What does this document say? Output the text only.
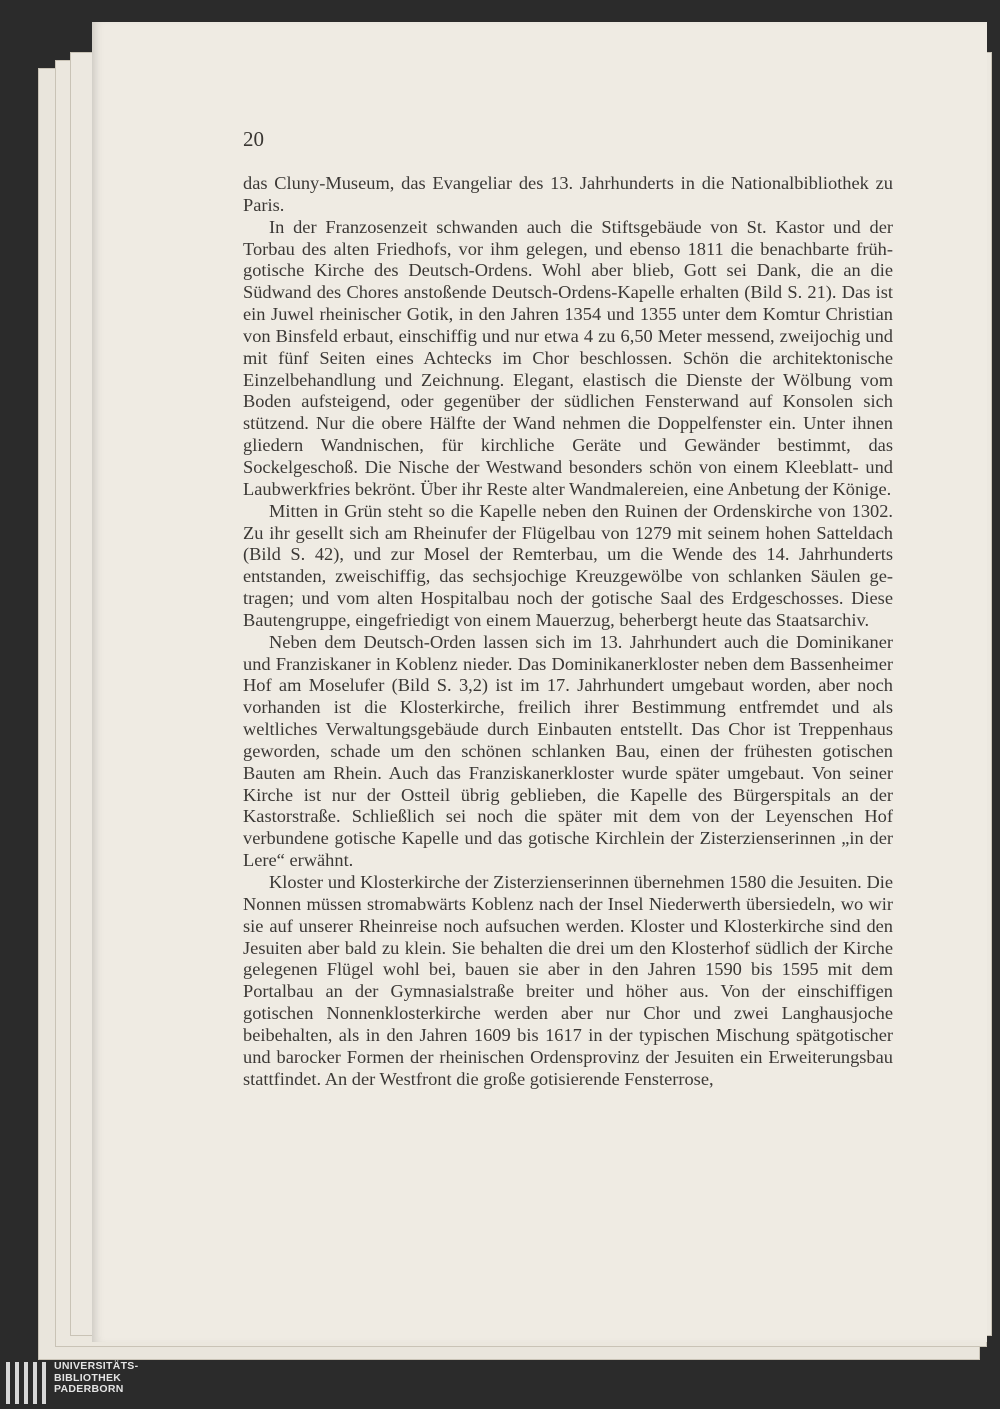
20

das Cluny-Museum, das Evangeliar des 13. Jahrhunderts in die Nationalbibliothek zu Paris.

In der Franzosenzeit schwanden auch die Stiftsgebäude von St. Kastor und der Torbau des alten Friedhofs, vor ihm gelegen, und ebenso 1811 die benachbarte frühgotische Kirche des Deutsch-Ordens. Wohl aber blieb, Gott sei Dank, die an die Südwand des Chores anstoßende Deutsch-Ordens-Kapelle erhalten (Bild S. 21). Das ist ein Juwel rheinischer Gotik, in den Jahren 1354 und 1355 unter dem Komtur Christian von Binsfeld erbaut, einschiffig und nur etwa 4 zu 6,50 Meter messend, zweijochig und mit fünf Seiten eines Achtecks im Chor beschlossen. Schön die architektonische Einzelbehandlung und Zeichnung. Elegant, elastisch die Dienste der Wölbung vom Boden aufsteigend, oder gegenüber der südlichen Fensterwand auf Konsolen sich stützend. Nur die obere Hälfte der Wand nehmen die Doppelfenster ein. Unter ihnen gliedern Wandnischen, für kirchliche Geräte und Gewänder bestimmt, das Sockelgeschoß. Die Nische der Westwand besonders schön von einem Kleeblatt- und Laubwerkfries bekrönt. Über ihr Reste alter Wandmalereien, eine Anbetung der Könige.

Mitten in Grün steht so die Kapelle neben den Ruinen der Ordenskirche von 1302. Zu ihr gesellt sich am Rheinufer der Flügelbau von 1279 mit seinem hohen Satteldach (Bild S. 42), und zur Mosel der Remterbau, um die Wende des 14. Jahrhunderts entstanden, zweischiffig, das sechsjochige Kreuzgewölbe von schlanken Säulen getragen; und vom alten Hospitalbau noch der gotische Saal des Erdgeschosses. Diese Bautengruppe, eingefriedigt von einem Mauerzug, beherbergt heute das Staatsarchiv.

Neben dem Deutsch-Orden lassen sich im 13. Jahrhundert auch die Dominikaner und Franziskaner in Koblenz nieder. Das Dominikanerkloster neben dem Bassenheimer Hof am Moselufer (Bild S. 3,2) ist im 17. Jahrhundert umgebaut worden, aber noch vorhanden ist die Klosterkirche, freilich ihrer Bestimmung entfremdet und als weltliches Verwaltungsgebäude durch Einbauten entstellt. Das Chor ist Treppenhaus geworden, schade um den schönen schlanken Bau, einen der frühesten gotischen Bauten am Rhein. Auch das Franziskanerkloster wurde später umgebaut. Von seiner Kirche ist nur der Ostteil übrig geblieben, die Kapelle des Bürgerspitals an der Kastorstraße. Schließlich sei noch die später mit dem von der Leyenschen Hof verbundene gotische Kapelle und das gotische Kirchlein der Zisterzienserinnen „in der Lere“ erwähnt.

Kloster und Klosterkirche der Zisterzienserinnen übernehmen 1580 die Jesuiten. Die Nonnen müssen stromabwärts Koblenz nach der Insel Niederwerth übersiedeln, wo wir sie auf unserer Rheinreise noch aufsuchen werden. Kloster und Klosterkirche sind den Jesuiten aber bald zu klein. Sie behalten die drei um den Klosterhof südlich der Kirche gelegenen Flügel wohl bei, bauen sie aber in den Jahren 1590 bis 1595 mit dem Portalbau an der Gymnasialstraße breiter und höher aus. Von der einschiffigen gotischen Nonnenklosterkirche werden aber nur Chor und zwei Langhausjoche beibehalten, als in den Jahren 1609 bis 1617 in der typischen Mischung spätgotischer und barocker Formen der rheinischen Ordensprovinz der Jesuiten ein Erweiterungsbau stattfindet. An der Westfront die große gotisierende Fensterrose,

UNIVERSITÄTS-
BIBLIOTHEK
PADERBORN
